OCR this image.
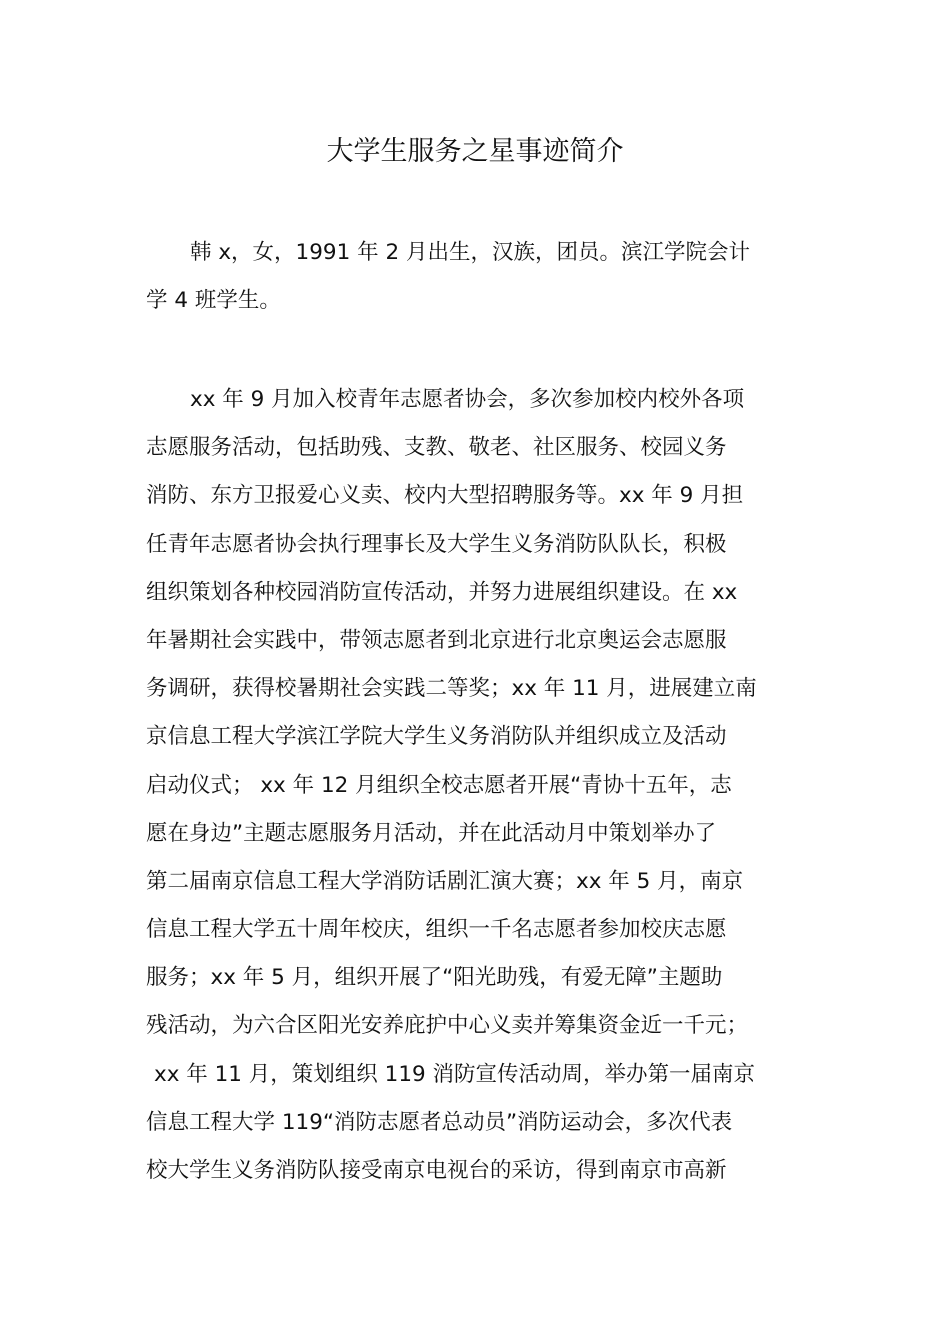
大学生服务之星事迹简介
韩 x，女，1991 年 2 月出生，汉族，团员。滨江学院会计
学 4 班学生。
xx 年 9 月加入校青年志愿者协会，多次参加校内校外各项
志愿服务活动，包括助残、支教、敬老、社区服务、校园义务
消防、东方卫报爱心义卖、校内大型招聘服务等。xx 年 9 月担
任青年志愿者协会执行理事长及大学生义务消防队队长，积极
组织策划各种校园消防宣传活动，并努力进展组织建设。在 xx
年暑期社会实践中，带领志愿者到北京进行北京奥运会志愿服
务调研，获得校暑期社会实践二等奖；xx 年 11 月，进展建立南
京信息工程大学滨江学院大学生义务消防队并组织成立及活动
启动仪式； xx 年 12 月组织全校志愿者开展“青协十五年，志
愿在身边”主题志愿服务月活动，并在此活动月中策划举办了
第二届南京信息工程大学消防话剧汇演大赛；xx 年 5 月，南京
信息工程大学五十周年校庆，组织一千名志愿者参加校庆志愿
服务；xx 年 5 月，组织开展了“阳光助残，有爱无障”主题助
残活动，为六合区阳光安养庇护中心义卖并筹集资金近一千元；
xx 年 11 月，策划组织 119 消防宣传活动周，举办第一届南京
信息工程大学 119“消防志愿者总动员”消防运动会，多次代表
校大学生义务消防队接受南京电视台的采访，得到南京市高新
